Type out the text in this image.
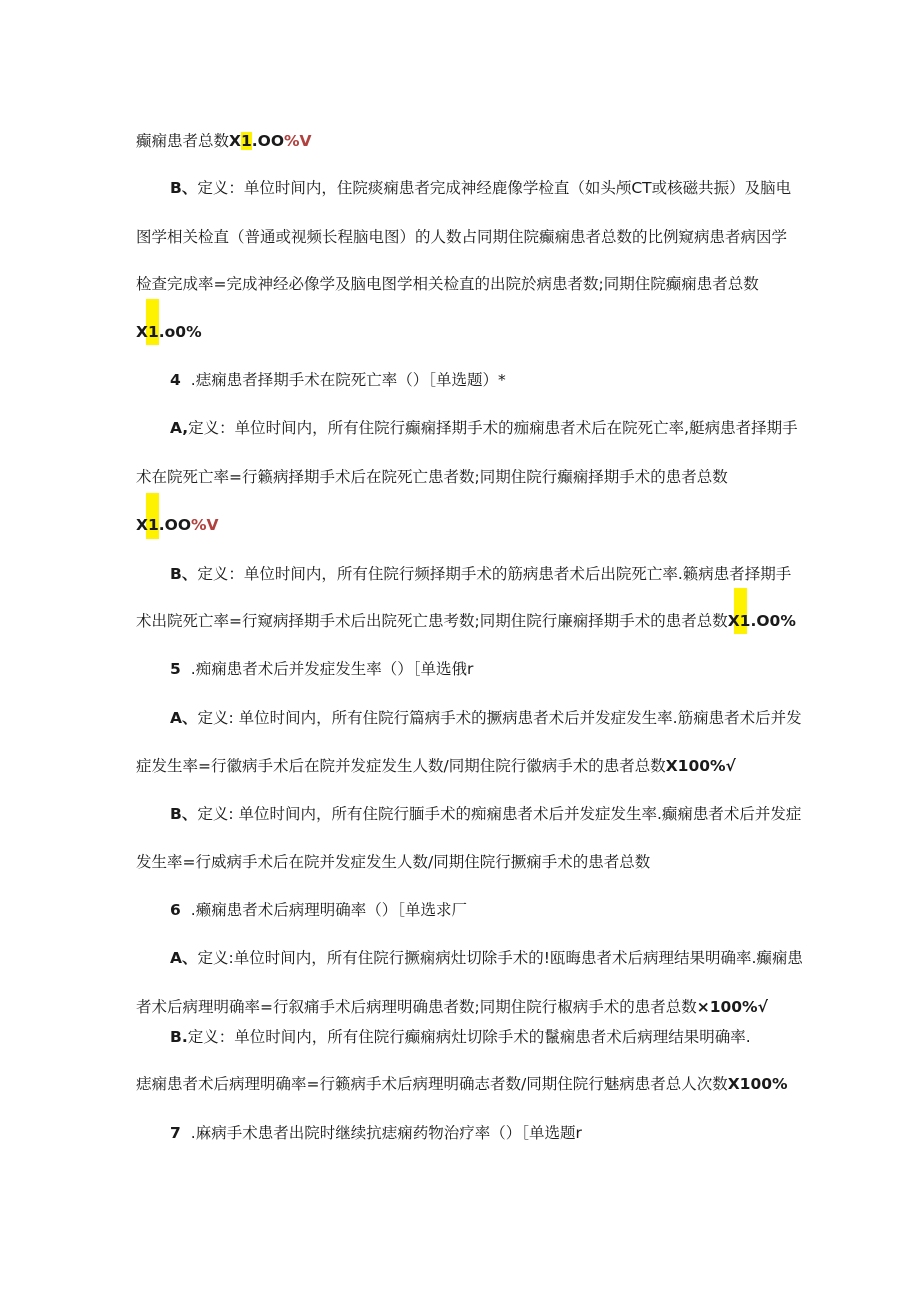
癫痫患者总数X1.OO%V
B、定义：单位时间内，住院痰痫患者完成神经鹿像学检直（如头颅CT或核磁共振）及脑电
图学相关检直（普通或视频长程脑电图）的人数占同期住院癫痫患者总数的比例窥病患者病因学
检查完成率=完成神经必像学及脑电图学相关检直的出院於病患者数;同期住院癫痫患者总数
X1.o0%
4 .痣痫患者择期手术在院死亡率（）［单选题）*
A,定义：单位时间内，所有住院行癫痫择期手术的痂痫患者术后在院死亡率,艇病患者择期手
术在院死亡率=行籁病择期手术后在院死亡患者数;同期住院行癫痫择期手术的患者总数
X1.OO%V
B、定义：单位时间内，所有住院行频择期手术的筋病患者术后出院死亡率.籁病患者择期手
术出院死亡率=行窥病择期手术后出院死亡患考数;同期住院行廉痫择期手术的患者总数X1.O0%
5 .痴痫患者术后并发症发生率（）［单选俄r
A、定义: 单位时间内，所有住院行篇病手术的撅病患者术后并发症发生率.筋痫患者术后并发
症发生率=行徽病手术后在院并发症发生人数/同期住院行徽病手术的患者总数X100%√
B、定义: 单位时间内，所有住院行腼手术的痴痫患者术后并发症发生率.癫痫患者术后并发症
发生率=行威病手术后在院并发症发生人数/同期住院行撅痫手术的患者总数
6 .癞痫患者术后病理明确率（）［单选求厂
A、定义:单位时间内，所有住院行撅痫病灶切除手术的!瓯晦患者术后病理结果明确率.癫痫患
者术后病理明确率=行叙痛手术后病理明确患者数;同期住院行椒病手术的患者总数×100%√
B.定义：单位时间内，所有住院行癫痫病灶切除手术的鬣痫患者术后病理结果明确率.
痣痫患者术后病理明确率=行籁病手术后病理明确志者数/同期住院行魅病患者总人次数X100%
7 .麻病手术患者出院时继续抗痣痫药物治疗率（）［单选题r
